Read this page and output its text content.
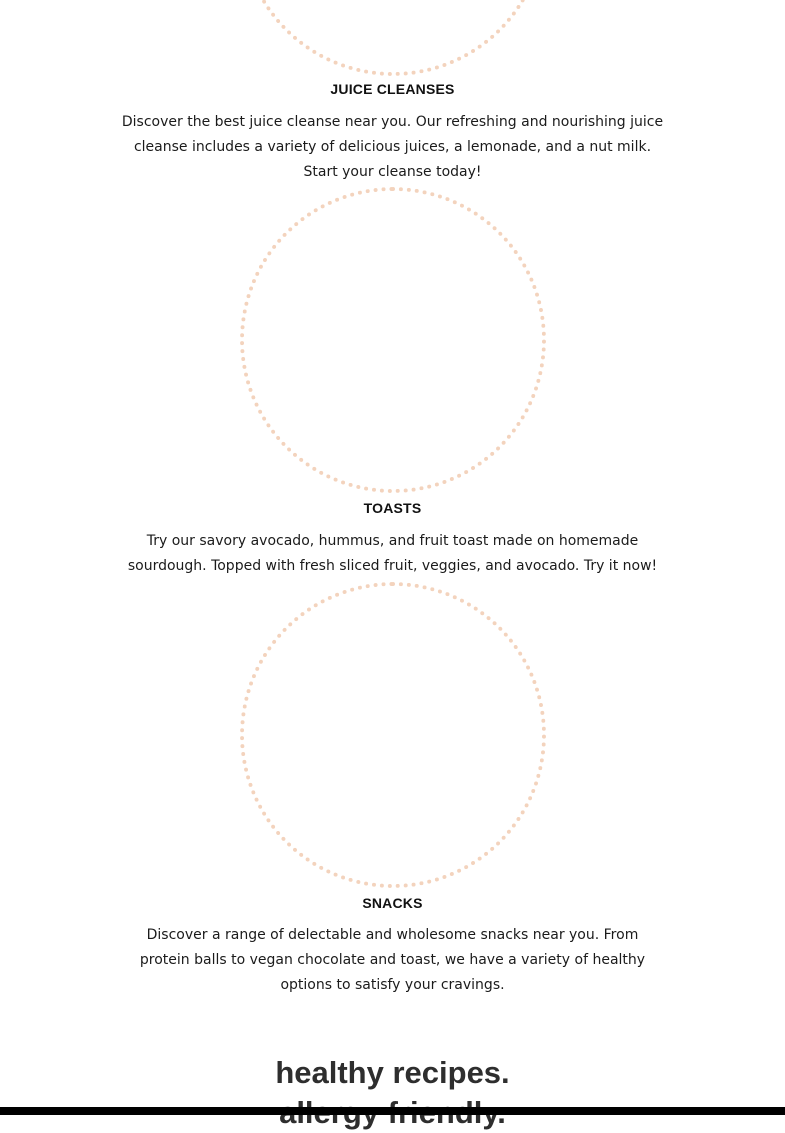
JUICE CLEANSES

Discover the best juice cleanse near you. Our refreshing and nourishing juice cleanse includes a variety of delicious juices, a lemonade, and a nut milk. Start your cleanse today!

TOASTS

Try our savory avocado, hummus, and fruit toast made on homemade sourdough. Topped with fresh sliced fruit, veggies, and avocado. Try it now!

SNACKS

Discover a range of delectable and wholesome snacks near you. From protein balls to vegan chocolate and toast, we have a variety of healthy options to satisfy your cravings.

healthy recipes.
